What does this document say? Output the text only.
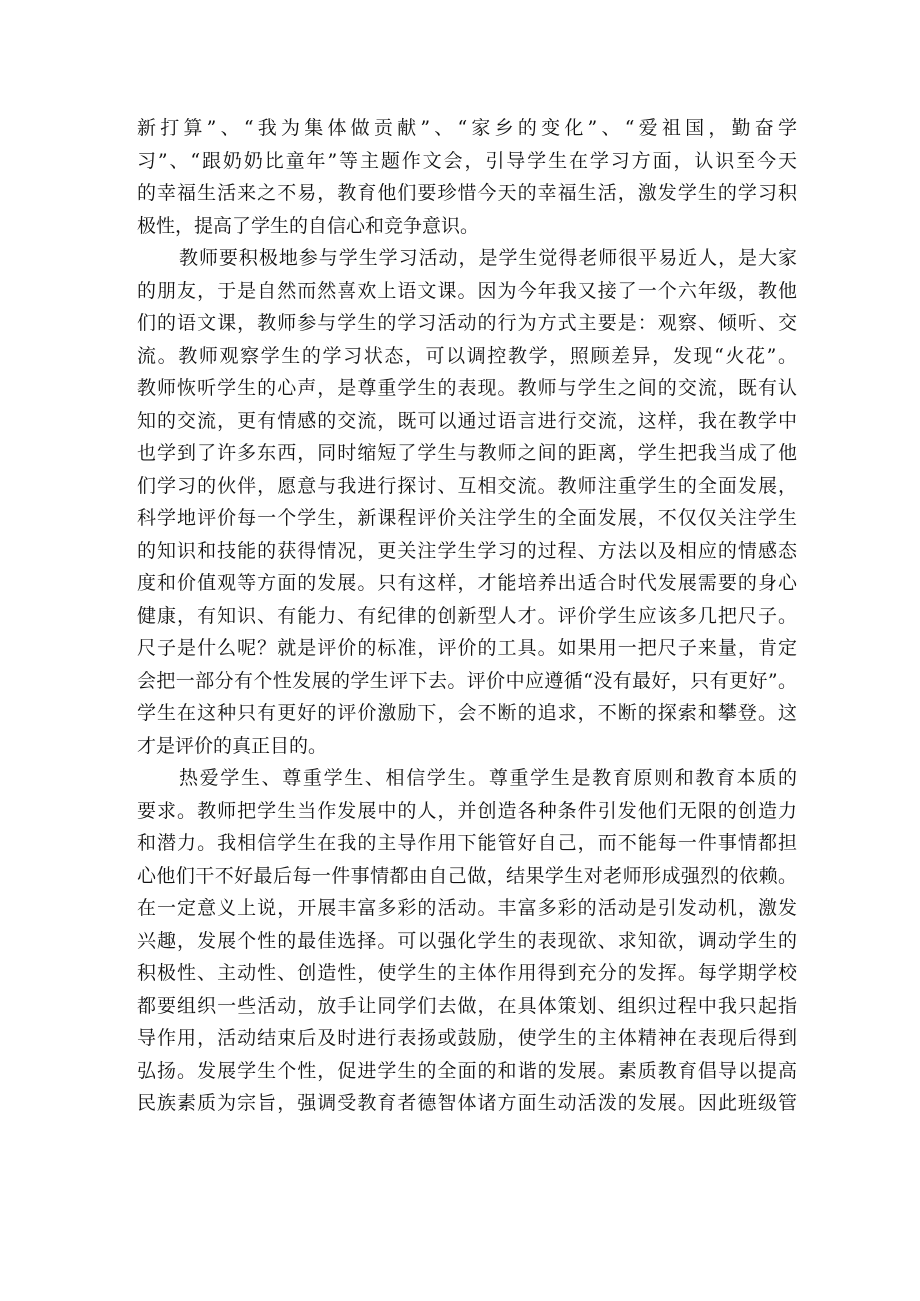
新打算”、“我为集体做贡献”、“家乡的变化”、“爱祖国，勤奋学
习”、“跟奶奶比童年”等主题作文会，引导学生在学习方面，认识至今天
的幸福生活来之不易，教育他们要珍惜今天的幸福生活，激发学生的学习积
极性，提高了学生的自信心和竞争意识。

教师要积极地参与学生学习活动，是学生觉得老师很平易近人，是大家
的朋友，于是自然而然喜欢上语文课。因为今年我又接了一个六年级，教他
们的语文课，教师参与学生的学习活动的行为方式主要是：观察、倾听、交
流。教师观察学生的学习状态，可以调控教学，照顾差异，发现“火花”。
教师恢听学生的心声，是尊重学生的表现。教师与学生之间的交流，既有认
知的交流，更有情感的交流，既可以通过语言进行交流，这样，我在教学中
也学到了许多东西，同时缩短了学生与教师之间的距离，学生把我当成了他
们学习的伙伴，愿意与我进行探讨、互相交流。教师注重学生的全面发展，
科学地评价每一个学生，新课程评价关注学生的全面发展，不仅仅关注学生
的知识和技能的获得情况，更关注学生学习的过程、方法以及相应的情感态
度和价值观等方面的发展。只有这样，才能培养出适合时代发展需要的身心
健康，有知识、有能力、有纪律的创新型人才。评价学生应该多几把尺子。
尺子是什么呢？就是评价的标准，评价的工具。如果用一把尺子来量，肯定
会把一部分有个性发展的学生评下去。评价中应遵循“没有最好，只有更好”。
学生在这种只有更好的评价激励下，会不断的追求，不断的探索和攀登。这
才是评价的真正目的。

热爱学生、尊重学生、相信学生。尊重学生是教育原则和教育本质的
要求。教师把学生当作发展中的人，并创造各种条件引发他们无限的创造力
和潜力。我相信学生在我的主导作用下能管好自己，而不能每一件事情都担
心他们干不好最后每一件事情都由自己做，结果学生对老师形成强烈的依赖。
在一定意义上说，开展丰富多彩的活动。丰富多彩的活动是引发动机，激发
兴趣，发展个性的最佳选择。可以强化学生的表现欲、求知欲，调动学生的
积极性、主动性、创造性，使学生的主体作用得到充分的发挥。每学期学校
都要组织一些活动，放手让同学们去做，在具体策划、组织过程中我只起指
导作用，活动结束后及时进行表扬或鼓励，使学生的主体精神在表现后得到
弘扬。发展学生个性，促进学生的全面的和谐的发展。素质教育倡导以提高
民族素质为宗旨，强调受教育者德智体诸方面生动活泼的发展。因此班级管
